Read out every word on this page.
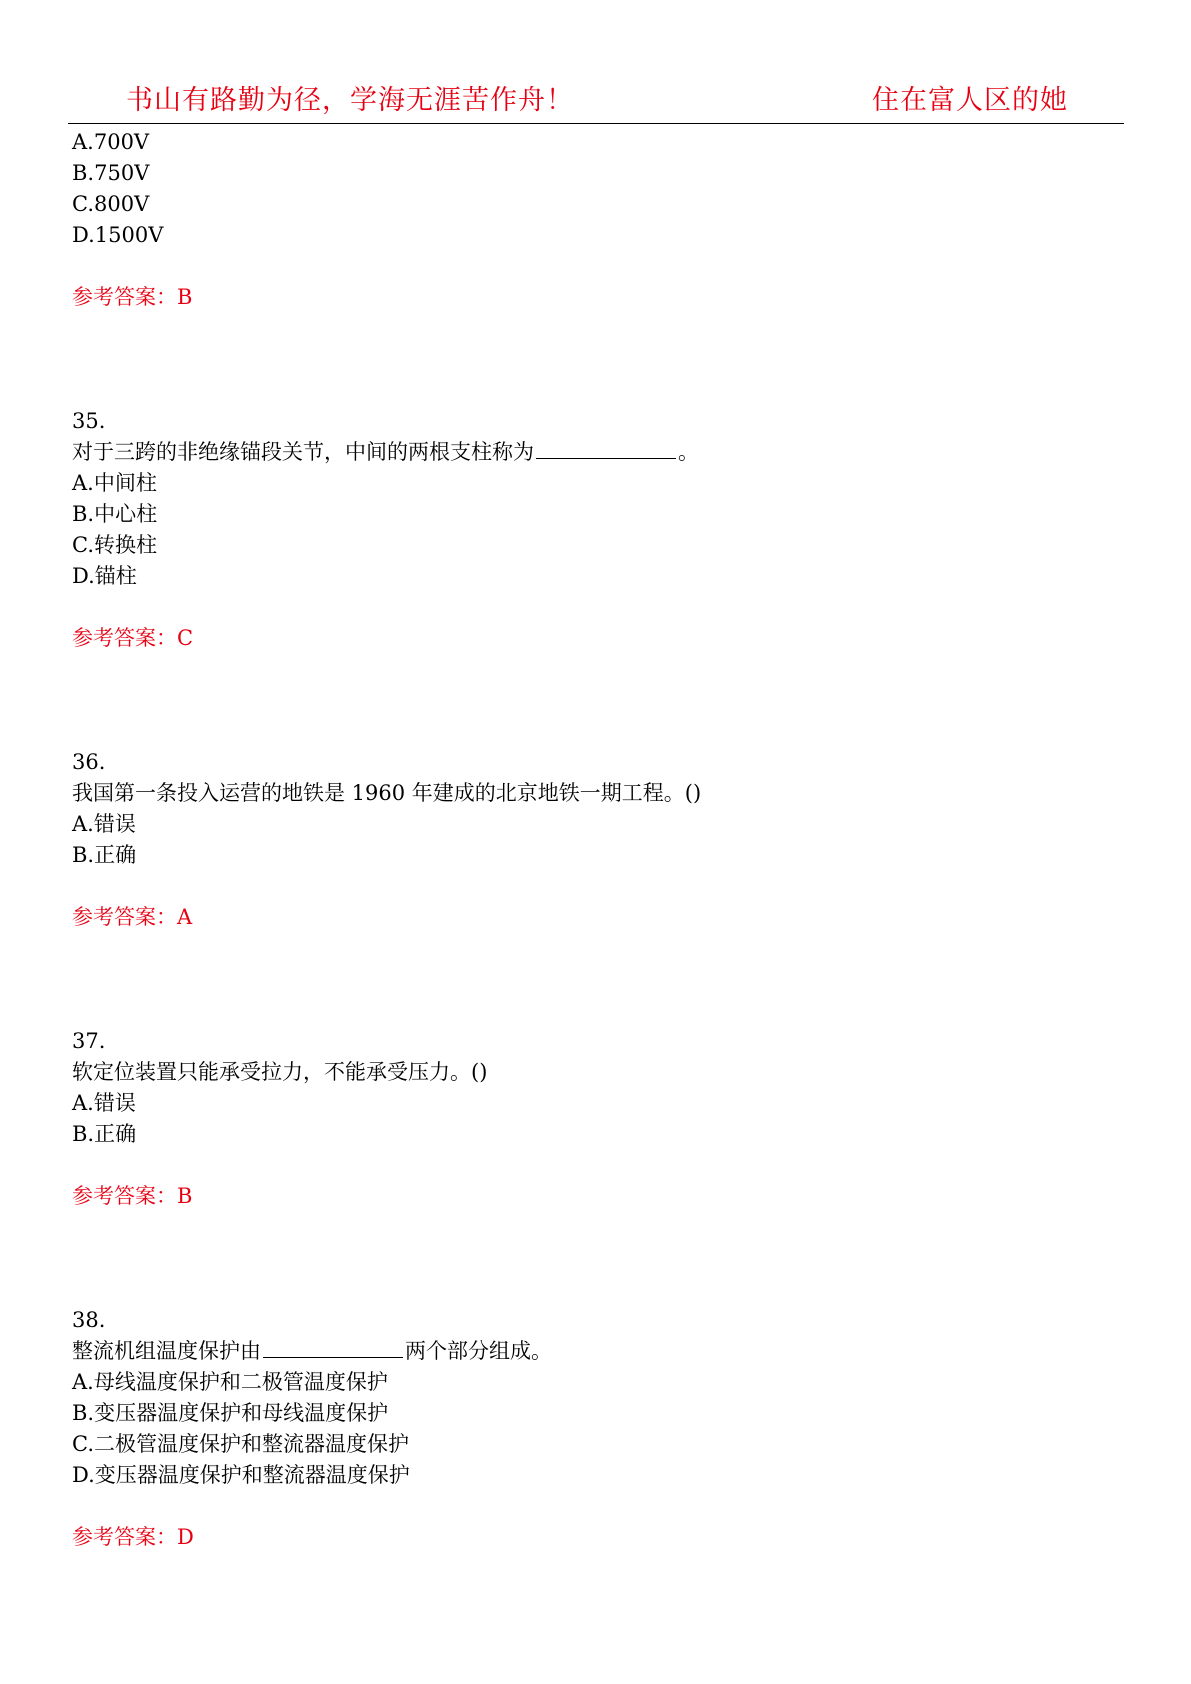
书山有路勤为径，学海无涯苦作舟！	住在富人区的她
A.700V
B.750V
C.800V
D.1500V
参考答案：B
35.
对于三跨的非绝缘锚段关节，中间的两根支柱称为	。
A.中间柱
B.中心柱
C.转换柱
D.锚柱
参考答案：C
36.
我国第一条投入运营的地铁是 1960 年建成的北京地铁一期工程。()
A.错误
B.正确
参考答案：A
37.
软定位装置只能承受拉力，不能承受压力。()
A.错误
B.正确
参考答案：B
38.
整流机组温度保护由	两个部分组成。
A.母线温度保护和二极管温度保护
B.变压器温度保护和母线温度保护
C.二极管温度保护和整流器温度保护
D.变压器温度保护和整流器温度保护
参考答案：D
